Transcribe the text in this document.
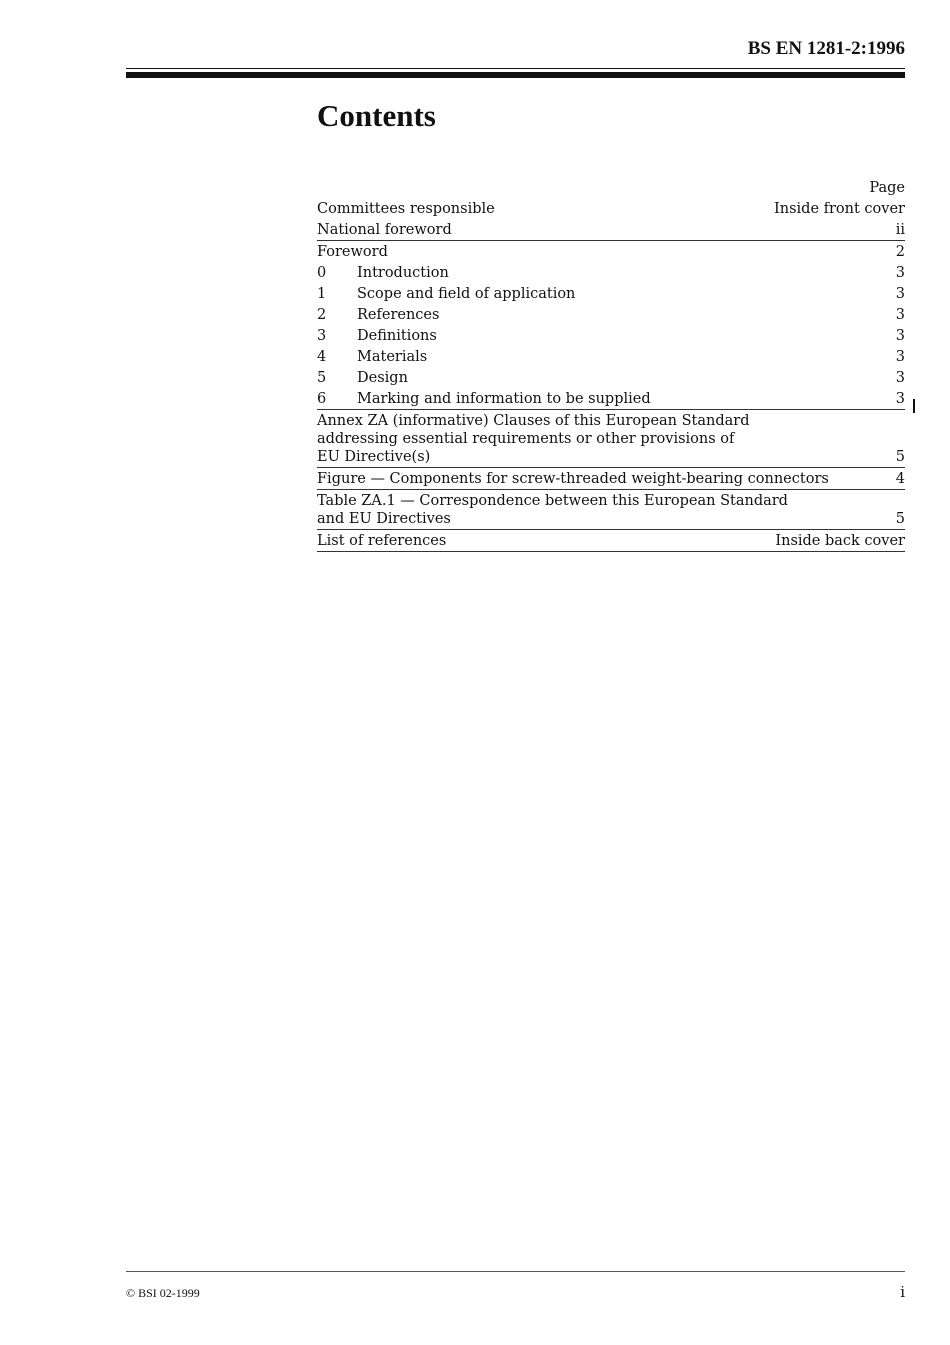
BS EN 1281-2:1996
Contents
Page
Committees responsible	Inside front cover
National foreword	ii
Foreword	2
0	Introduction	3
1	Scope and field of application	3
2	References	3
3	Definitions	3
4	Materials	3
5	Design	3
6	Marking and information to be supplied	3
Annex ZA (informative) Clauses of this European Standard
addressing essential requirements or other provisions of
EU Directive(s)	5
Figure — Components for screw-threaded weight-bearing connectors	4
Table ZA.1 — Correspondence between this European Standard
and EU Directives	5
List of references	Inside back cover
© BSI 02-1999	i
